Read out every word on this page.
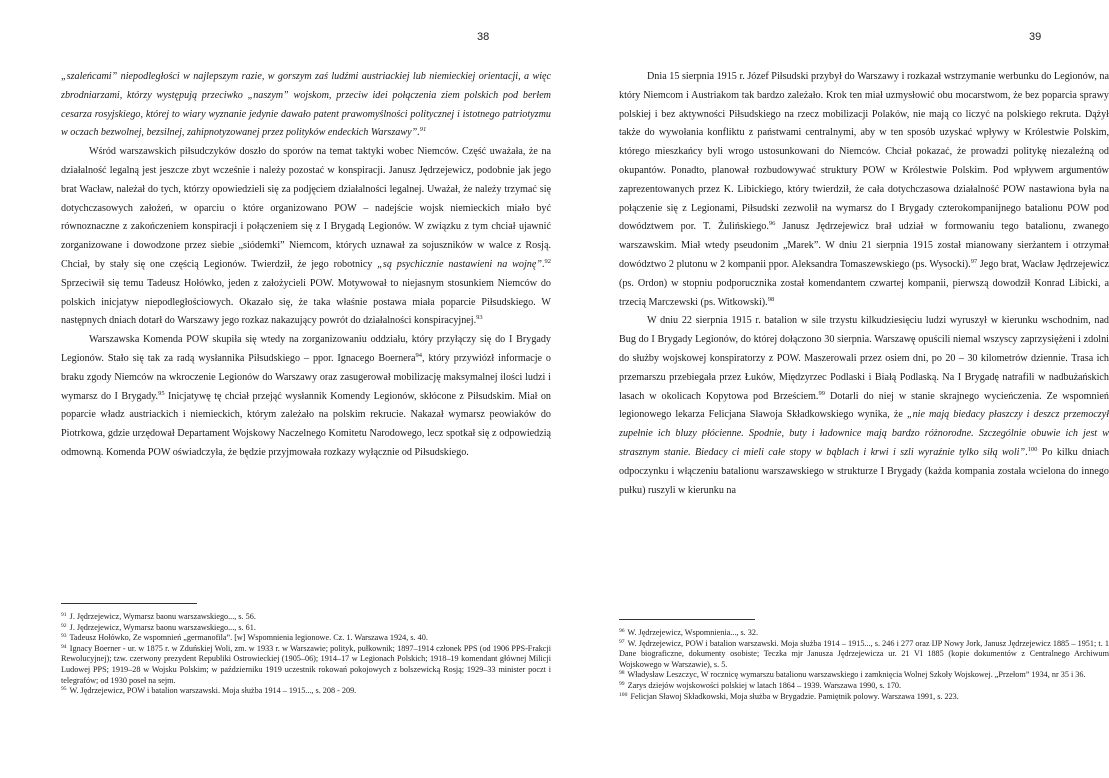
38

„szaleńcami” niepodległości w najlepszym razie, w gorszym zaś ludźmi austriackiej lub niemieckiej orientacji, a więc zbrodniarzami, którzy występują przeciwko „naszym” wojskom, przeciw idei połączenia ziem polskich pod berłem cesarza rosyjskiego, której to wiary wyznanie jedynie dawało patent prawomyślności politycznej i istotnego patriotyzmu w oczach bezwolnej, bezsilnej, zahipnotyzowanej przez polityków endeckich Warszawy”.$^{91}$

Wśród warszawskich piłsudczyków doszło do sporów na temat taktyki wobec Niemców. Część uważała, że na działalność legalną jest jeszcze zbyt wcześnie i należy pozostać w konspiracji. Janusz Jędrzejewicz, podobnie jak jego brat Wacław, należał do tych, którzy opowiedzieli się za podjęciem działalności legalnej. Uważał, że należy trzymać się dotychczasowych założeń, w oparciu o które organizowano POW – nadejście wojsk niemieckich miało być równoznaczne z zakończeniem konspiracji i połączeniem się z I Brygadą Legionów. W związku z tym chciał ujawnić zorganizowane i dowodzone przez siebie „siódemki” Niemcom, których uznawał za sojuszników w walce z Rosją. Chciał, by stały się one częścią Legionów. Twierdził, że jego robotnicy „są psychicznie nastawieni na wojnę”.$^{92}$ Sprzeciwił się temu Tadeusz Hołówko, jeden z założycieli POW. Motywował to niejasnym stosunkiem Niemców do polskich inicjatyw niepodległościowych. Okazało się, że taka właśnie postawa miała poparcie Piłsudskiego. W następnych dniach dotarł do Warszawy jego rozkaz nakazujący powrót do działalności konspiracyjnej.$^{93}$

Warszawska Komenda POW skupiła się wtedy na zorganizowaniu oddziału, który przyłączy się do I Brygady Legionów. Stało się tak za radą wysłannika Piłsudskiego – ppor. Ignacego Boernera$^{94}$, który przywiózł informacje o braku zgody Niemców na wkroczenie Legionów do Warszawy oraz zasugerował mobilizację maksymalnej ilości ludzi i wymarsz do I Brygady.$^{95}$ Inicjatywę tę chciał przejąć wysłannik Komendy Legionów, skłócone z Piłsudskim. Miał on poparcie władz austriackich i niemieckich, którym zależało na polskim rekrucie. Nakazał wymarsz peowiaków do Piotrkowa, gdzie urzędował Departament Wojskowy Naczelnego Komitetu Narodowego, lecz spotkał się z odpowiedzią odmowną. Komenda POW oświadczyła, że będzie przyjmowała rozkazy wyłącznie od Piłsudskiego.

$^{91}$ J. Jędrzejewicz, Wymarsz baonu warszawskiego..., s. 56.
$^{92}$ J. Jędrzejewicz, Wymarsz baonu warszawskiego..., s. 61.
$^{93}$ Tadeusz Hołówko, Ze wspomnień „germanofila”. [w] Wspomnienia legionowe. Cz. 1. Warszawa 1924, s. 40.
$^{94}$ Ignacy Boerner - ur. w 1875 r. w Zduńskiej Woli, zm. w 1933 r. w Warszawie; polityk, pułkownik; 1897–1914 członek PPS (od 1906 PPS-Frakcji Rewolucyjnej); tzw. czerwony prezydent Republiki Ostrowieckiej (1905–06); 1914–17 w Legionach Polskich; 1918–19 komendant głównej Milicji Ludowej PPS; 1919–28 w Wojsku Polskim; w październiku 1919 uczestnik rokowań pokojowych z bolszewicką Rosją; 1929–33 minister poczt i telegrafów; od 1930 poseł na sejm.
$^{95}$ W. Jędrzejewicz, POW i batalion warszawski. Moja służba 1914 – 1915..., s. 208 - 209.
39

Dnia 15 sierpnia 1915 r. Józef Piłsudski przybył do Warszawy i rozkazał wstrzymanie werbunku do Legionów, na który Niemcom i Austriakom tak bardzo zależało. Krok ten miał uzmysłowić obu mocarstwom, że bez poparcia sprawy polskiej i bez aktywności Piłsudskiego na rzecz mobilizacji Polaków, nie mają co liczyć na polskiego rekruta. Dążył także do wywołania konfliktu z państwami centralnymi, aby w ten sposób uzyskać wpływy w Królestwie Polskim, którego mieszkańcy byli wrogo ustosunkowani do Niemców. Chciał pokazać, że prowadzi politykę niezależną od okupantów. Ponadto, planował rozbudowywać struktury POW w Królestwie Polskim. Pod wpływem argumentów zaprezentowanych przez K. Libickiego, który twierdził, że cała dotychczasowa działalność POW nastawiona była na połączenie się z Legionami, Piłsudski zezwolił na wymarsz do I Brygady czterokompanijnego batalionu POW pod dowództwem por. T. Żulińskiego.$^{96}$ Janusz Jędrzejewicz brał udział w formowaniu tego batalionu, zwanego warszawskim. Miał wtedy pseudonim „Marek”. W dniu 21 sierpnia 1915 został mianowany sierżantem i otrzymał dowództwo 2 plutonu w 2 kompanii ppor. Aleksandra Tomaszewskiego (ps. Wysocki).$^{97}$ Jego brat, Wacław Jędrzejewicz (ps. Ordon) w stopniu podporucznika został komendantem czwartej kompanii, pierwszą dowodził Konrad Libicki, a trzecią Marczewski (ps. Witkowski).$^{98}$

W dniu 22 sierpnia 1915 r. batalion w sile trzystu kilkudziesięciu ludzi wyruszył w kierunku wschodnim, nad Bug do I Brygady Legionów, do której dołączono 30 sierpnia. Warszawę opuścili niemal wszyscy zaprzysiężeni i zdolni do służby wojskowej konspiratorzy z POW. Maszerowali przez osiem dni, po 20 – 30 kilometrów dziennie. Trasa ich przemarszu przebiegała przez Łuków, Międzyrzec Podlaski i Białą Podlaską. Na I Brygadę natrafili w nadbużańskich lasach w okolicach Kopytowa pod Brześciem.$^{99}$ Dotarli do niej w stanie skrajnego wycieńczenia. Ze wspomnień legionowego lekarza Felicjana Sławoja Składkowskiego wynika, że „nie mają biedacy płaszczy i deszcz przemoczył zupełnie ich bluzy płócienne. Spodnie, buty i ładownice mają bardzo różnorodne. Szczególnie obuwie ich jest w strasznym stanie. Biedacy ci mieli całe stopy w bąblach i krwi i szli wyraźnie tylko siłą woli”.$^{100}$ Po kilku dniach odpoczynku i włączeniu batalionu warszawskiego w strukturze I Brygady (każda kompania została wcielona do innego pułku) ruszyli w kierunku na

$^{96}$ W. Jędrzejewicz, Wspomnienia..., s. 32.
$^{97}$ W. Jędrzejewicz, POW i batalion warszawski. Moja służba 1914 – 1915..., s. 246 i 277 oraz IJP Nowy Jork, Janusz Jędrzejewicz 1885 – 1951; t. 1 Dane biograficzne, dokumenty osobiste; Teczka mjr Janusza Jędrzejewicza ur. 21 VI 1885 (kopie dokumentów z Centralnego Archiwum Wojskowego w Warszawie), s. 5.
$^{98}$ Władysław Leszczyc, W rocznicę wymarszu batalionu warszawskiego i zamknięcia Wolnej Szkoły Wojskowej. „Przełom” 1934, nr 35 i 36.
$^{99}$ Zarys dziejów wojskowości polskiej w latach 1864 – 1939. Warszawa 1990, s. 170.
$^{100}$ Felicjan Sławoj Składkowski, Moja służba w Brygadzie. Pamiętnik polowy. Warszawa 1991, s. 223.
